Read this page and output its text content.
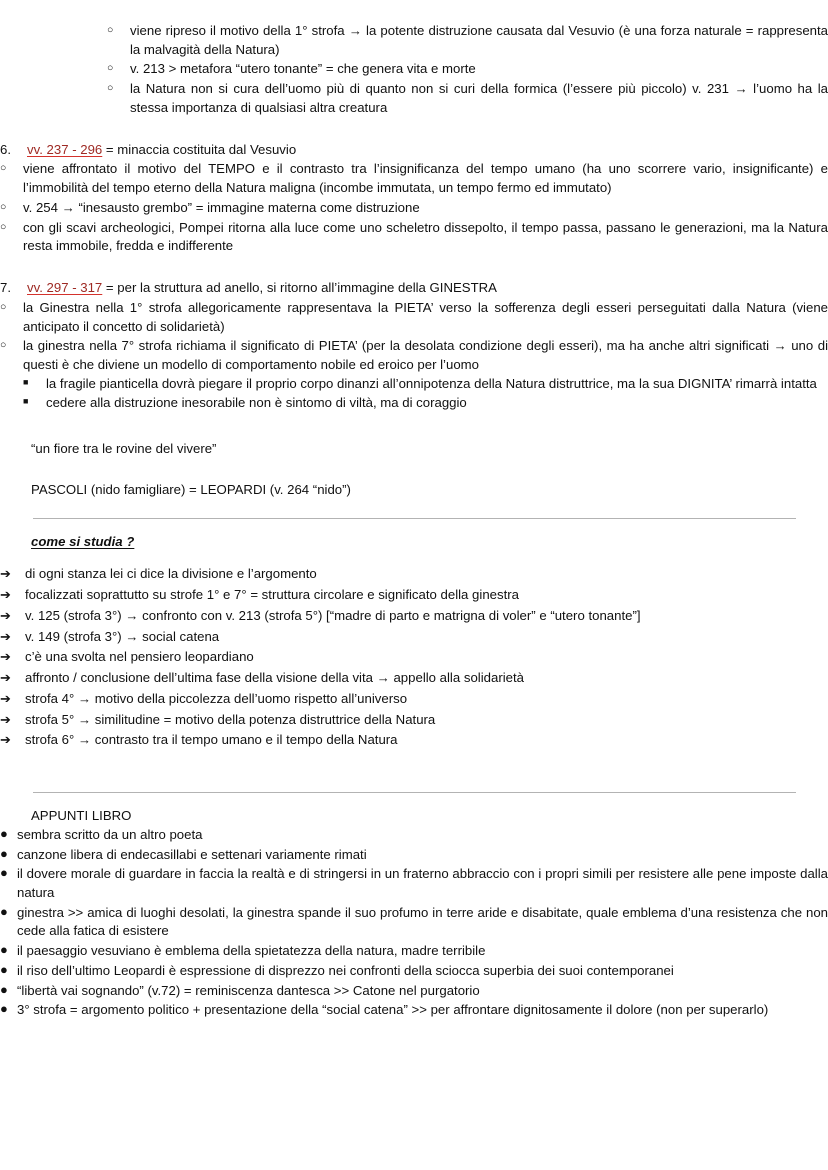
○	viene ripreso il motivo della 1° strofa → la potente distruzione causata dal Vesuvio (è una forza naturale = rappresenta la malvagità della Natura)
○	v. 213 > metafora “utero tonante” = che genera vita e morte
○	la Natura non si cura dell’uomo più di quanto non si curi della formica (l’essere più piccolo) v. 231 → l’uomo ha la stessa importanza di qualsiasi altra creatura
6.	vv. 237 - 296 = minaccia costituita dal Vesuvio
○	viene affrontato il motivo del TEMPO e il contrasto tra l’insignificanza del tempo umano (ha uno scorrere vario, insignificante) e l’immobilità del tempo eterno della Natura maligna (incombe immutata, un tempo fermo ed immutato)
○	v. 254 → “inesausto grembo” = immagine materna come distruzione
○	con gli scavi archeologici, Pompei ritorna alla luce come uno scheletro dissepolto, il tempo passa, passano le generazioni, ma la Natura resta immobile, fredda e indifferente
7.	vv. 297 - 317 = per la struttura ad anello, si ritorno all’immagine della GINESTRA
○	la Ginestra nella 1° strofa allegoricamente rappresentava la PIETA’ verso la sofferenza degli esseri perseguitati dalla Natura (viene anticipato il concetto di solidarietà)
○	la ginestra nella 7° strofa richiama il significato di PIETA’ (per la desolata condizione degli esseri), ma ha anche altri significati → uno di questi è che diviene un modello di comportamento nobile ed eroico per l’uomo
■	la fragile pianticella dovrà piegare il proprio corpo dinanzi all’onnipotenza della Natura distruttrice, ma la sua DIGNITA’ rimarrà intatta
■	cedere alla distruzione inesorabile non è sintomo di viltà, ma di coraggio
“un fiore tra le rovine del vivere”
PASCOLI (nido famigliare) = LEOPARDI (v. 264 “nido”)
come si studia ?
➔	di ogni stanza lei ci dice la divisione e l’argomento
➔	focalizzati soprattutto su strofe 1° e 7° = struttura circolare e significato della ginestra
➔	v. 125 (strofa 3°) → confronto con v. 213 (strofa 5°) [“madre di parto e matrigna di voler” e “utero tonante”]
➔	v. 149 (strofa 3°) → social catena
➔	c’è una svolta nel pensiero leopardiano
➔	affronto / conclusione dell’ultima fase della visione della vita → appello alla solidarietà
➔	strofa 4° → motivo della piccolezza dell’uomo rispetto all’universo
➔	strofa 5° → similitudine = motivo della potenza distruttrice della Natura
➔	strofa 6° → contrasto tra il tempo umano e il tempo della Natura
APPUNTI LIBRO
● sembra scritto da un altro poeta
● canzone libera di endecasillabi e settenari variamente rimati
● il dovere morale di guardare in faccia la realtà e di stringersi in un fraterno abbraccio con i propri simili per resistere alle pene imposte dalla natura
● ginestra >> amica di luoghi desolati, la ginestra spande il suo profumo in terre aride e disabitate, quale emblema d’una resistenza che non cede alla fatica di esistere
● il paesaggio vesuviano è emblema della spietatezza della natura, madre terribile
● il riso dell’ultimo Leopardi è espressione di disprezzo nei confronti della sciocca superbia dei suoi contemporanei
● “libertà vai sognando” (v.72) = reminiscenza dantesca >> Catone nel purgatorio
● 3° strofa = argomento politico + presentazione della “social catena” >> per affrontare dignitosamente il dolore (non per superarlo)
